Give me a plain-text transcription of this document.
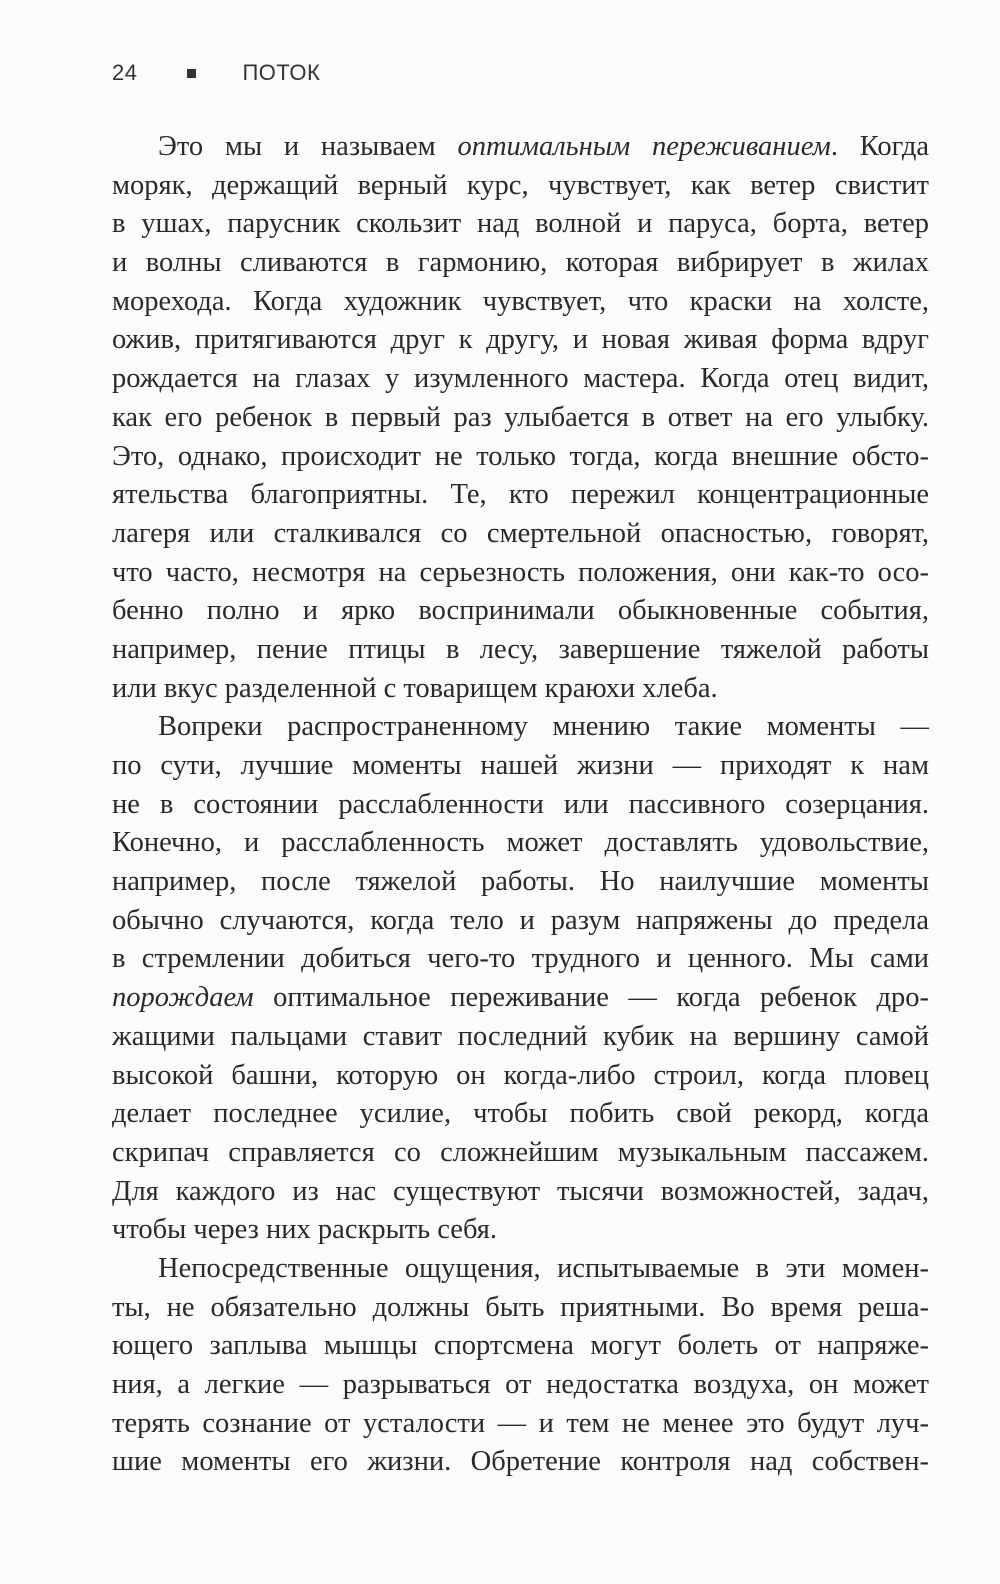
24	ПОТОК
Это мы и называем оптимальным переживанием. Когда
моряк, держащий верный курс, чувствует, как ветер свистит
в ушах, парусник скользит над волной и паруса, борта, ветер
и волны сливаются в гармонию, которая вибрирует в жилах
морехода. Когда художник чувствует, что краски на холсте,
ожив, притягиваются друг к другу, и новая живая форма вдруг
рождается на глазах у изумленного мастера. Когда отец видит,
как его ребенок в первый раз улыбается в ответ на его улыбку.
Это, однако, происходит не только тогда, когда внешние обсто-
ятельства благоприятны. Те, кто пережил концентрационные
лагеря или сталкивался со смертельной опасностью, говорят,
что часто, несмотря на серьезность положения, они как-то осо-
бенно полно и ярко воспринимали обыкновенные события,
например, пение птицы в лесу, завершение тяжелой работы
или вкус разделенной с товарищем краюхи хлеба.
Вопреки распространенному мнению такие моменты —
по сути, лучшие моменты нашей жизни — приходят к нам
не в состоянии расслабленности или пассивного созерцания.
Конечно, и расслабленность может доставлять удовольствие,
например, после тяжелой работы. Но наилучшие моменты
обычно случаются, когда тело и разум напряжены до предела
в стремлении добиться чего-то трудного и ценного. Мы сами
порождаем оптимальное переживание — когда ребенок дро-
жащими пальцами ставит последний кубик на вершину самой
высокой башни, которую он когда-либо строил, когда пловец
делает последнее усилие, чтобы побить свой рекорд, когда
скрипач справляется со сложнейшим музыкальным пассажем.
Для каждого из нас существуют тысячи возможностей, задач,
чтобы через них раскрыть себя.
Непосредственные ощущения, испытываемые в эти момен-
ты, не обязательно должны быть приятными. Во время реша-
ющего заплыва мышцы спортсмена могут болеть от напряже-
ния, а легкие — разрываться от недостатка воздуха, он может
терять сознание от усталости — и тем не менее это будут луч-
шие моменты его жизни. Обретение контроля над собствен-
